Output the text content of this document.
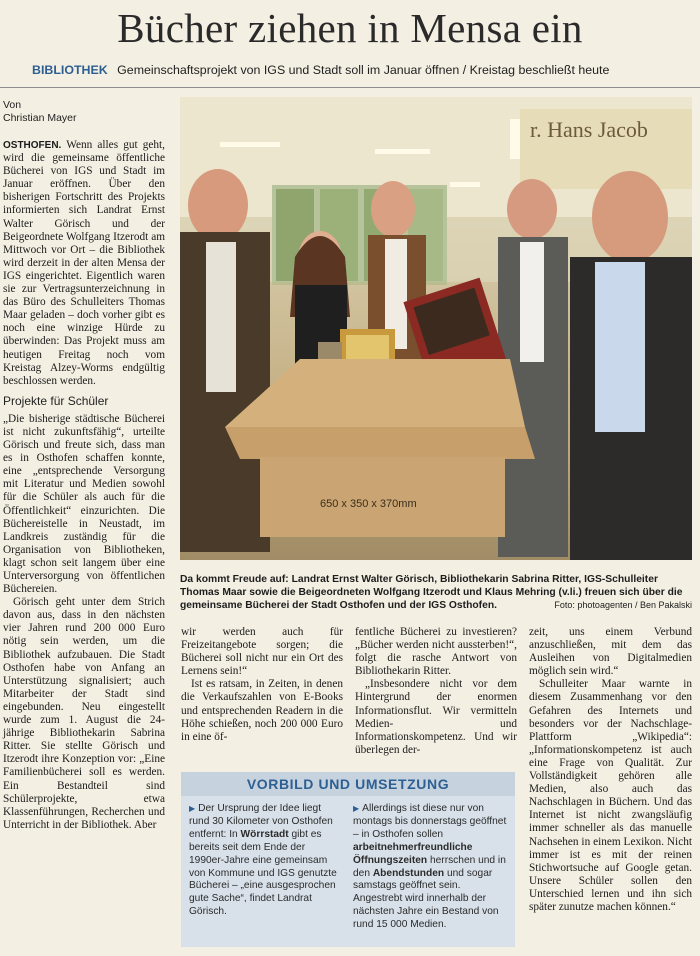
Bücher ziehen in Mensa ein
BIBLIOTHEK Gemeinschaftsprojekt von IGS und Stadt soll im Januar öffnen / Kreistag beschließt heute
Von
Christian Mayer

OSTHOFEN. Wenn alles gut geht, wird die gemeinsame öffentliche Bücherei von IGS und Stadt im Januar eröffnen. Über den bisherigen Fortschritt des Projekts informierten sich Landrat Ernst Walter Görisch und der Beigeordnete Wolfgang Itzerodt am Mittwoch vor Ort – die Bibliothek wird derzeit in der alten Mensa der IGS eingerichtet. Eigentlich waren sie zur Vertragsunterzeichnung in das Büro des Schulleiters Thomas Maar geladen – doch vorher gibt es noch eine winzige Hürde zu überwinden: Das Projekt muss am heutigen Freitag noch vom Kreistag Alzey-Worms endgültig beschlossen werden.

Projekte für Schüler

„Die bisherige städtische Bücherei ist nicht zukunftsfähig“, urteilte Görisch und freute sich, dass man es in Osthofen schaffen konnte, eine „entsprechende Versorgung mit Literatur und Medien sowohl für die Schüler als auch für die Öffentlichkeit“ einzurichten. Die Büchereistelle in Neustadt, im Landkreis zuständig für die Organisation von Bibliotheken, klagt schon seit langem über eine Unterversorgung von öffentlichen Büchereien.

Görisch geht unter dem Strich davon aus, dass in den nächsten vier Jahren rund 200 000 Euro nötig sein werden, um die Bibliothek aufzubauen. Die Stadt Osthofen habe von Anfang an Unterstützung signalisiert; auch Mitarbeiter der Stadt sind eingebunden. Neu eingestellt wurde zum 1. August die 24-jährige Bibliothekarin Sabrina Ritter. Sie stellte Görisch und Itzerodt ihre Konzeption vor: „Eine Familienbücherei soll es werden. Ein Bestandteil sind Schülerprojekte, etwa Klassenführungen, Recherchen und Unterricht in der Bibliothek. Aber

r. Hans Jacob
650 x 350 x 370mm
Da kommt Freude auf: Landrat Ernst Walter Görisch, Bibliothekarin Sabrina Ritter, IGS-Schulleiter Thomas Maar sowie die Beigeordneten Wolfgang Itzerodt und Klaus Mehring (v.li.) freuen sich über die gemeinsame Bücherei der Stadt Osthofen und der IGS Osthofen.	Foto: photoagenten / Ben Pakalski

wir werden auch für Freizeitangebote sorgen; die Bücherei soll nicht nur ein Ort des Lernens sein!“

Ist es ratsam, in Zeiten, in denen die Verkaufszahlen von E-Books und entsprechenden Readern in die Höhe schießen, noch 200 000 Euro in eine öf-

fentliche Bücherei zu investieren? „Bücher werden nicht aussterben!“, folgt die rasche Antwort von Bibliothekarin Ritter.

„Insbesondere nicht vor dem Hintergrund der enormen Informationsflut. Wir vermitteln Medien- und Informationskompetenz. Und wir überlegen der-

zeit, uns einem Verbund anzuschließen, mit dem das Ausleihen von Digitalmedien möglich sein wird.“

Schulleiter Maar warnte in diesem Zusammenhang vor den Gefahren des Internets und besonders vor der Nachschlage-Plattform „Wikipedia“: „Informationskompetenz ist auch eine Frage von Qualität. Zur Vollständigkeit gehören alle Medien, also auch das Nachschlagen in Büchern. Und das Internet ist nicht zwangsläufig immer schneller als das manuelle Nachsehen in einem Lexikon. Nicht immer ist es mit der reinen Stichwortsuche auf Google getan. Unsere Schüler sollen den Unterschied lernen und ihn sich später zunutze machen können.“

VORBILD UND UMSETZUNG
▶ Der Ursprung der Idee liegt rund 30 Kilometer von Osthofen entfernt: In Wörrstadt gibt es bereits seit dem Ende der 1990er-Jahre eine gemeinsam von Kommune und IGS genutzte Bücherei – „eine ausgesprochen gute Sache“, findet Landrat Görisch.
▶ Allerdings ist diese nur von montags bis donnerstags geöffnet – in Osthofen sollen arbeitnehmerfreundliche Öffnungszeiten herrschen und in den Abendstunden und sogar samstags geöffnet sein. Angestrebt wird innerhalb der nächsten Jahre ein Bestand von rund 15 000 Medien.
